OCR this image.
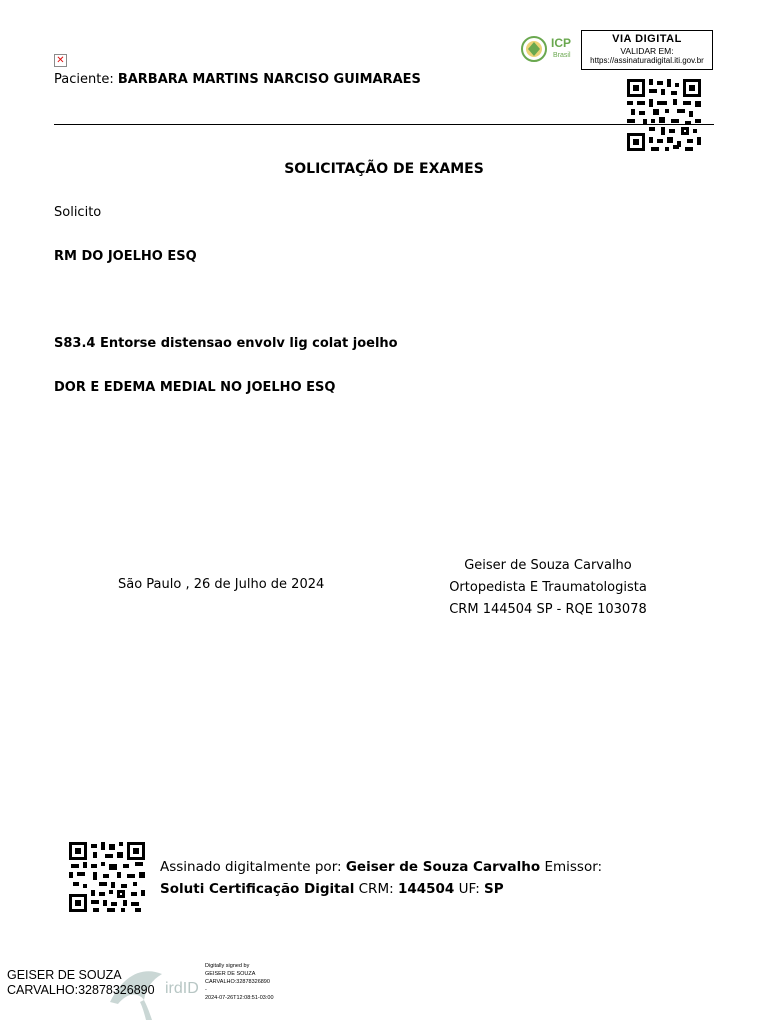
✕
Paciente: BARBARA MARTINS NARCISO GUIMARAES
ICP
Brasil
VIA DIGITAL
VALIDAR EM:
https://assinaturadigital.iti.gov.br
SOLICITAÇÃO DE EXAMES
Solicito
RM DO JOELHO ESQ
S83.4 Entorse distensao envolv lig colat joelho
DOR E EDEMA MEDIAL NO JOELHO ESQ
São Paulo , 26 de Julho de 2024
Geiser de Souza Carvalho
Ortopedista E Traumatologista
CRM 144504 SP - RQE 103078
Assinado digitalmente por: Geiser de Souza Carvalho Emissor: Soluti Certificação Digital CRM: 144504 UF: SP
irdID
GEISER DE SOUZA
CARVALHO:32878326890
Digitally signed by
GEISER DE SOUZA
CARVALHO:32878326890
-
2024-07-26T12:08:51-03:00
